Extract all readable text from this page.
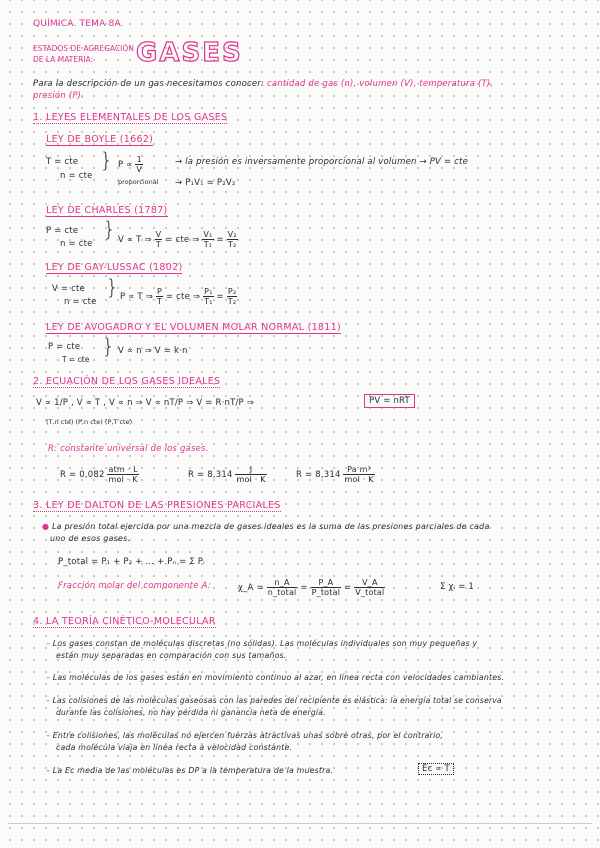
QUÍMICA. TEMA 8A.
ESTADOS DE AGREGACIÓN
DE LA MATERIA: GASES
Para la descripción de un gas necesitamos conocer: cantidad de gas (n), volumen (V), temperatura (T),
presión (P).
1. LEYES ELEMENTALES DE LOS GASES
LEY DE BOYLE (1662)
T = cte
n = cte
} $P \propto \frac{1}{V}$
proporcional
→ la presión es inversamente proporcional al volumen → PV = cte
→ P₁V₁ = P₂V₂
LEY DE CHARLES (1787)
P = cte
n = cte
} V ∝ T ⇒ $\frac{V}{T}$ = cte ⇒ $\frac{\text{V₁}}{\text{T₁}} = \frac{\text{V₂}}{\text{T₂}}$
LEY DE GAY-LUSSAC (1802)
V = cte
n = cte
} P ∝ T ⇒ $\frac{P}{T}$ = cte ⇒ $\frac{\text{P₁}}{\text{T₁}} = \frac{\text{P₂}}{\text{T₂}}$
LEY DE AVOGADRO Y EL VOLUMEN MOLAR NORMAL (1811)
P = cte
T = cte
} V ∝ n ⇒ V = k·n
2. ECUACIÓN DE LOS GASES IDEALES
V ∝ 1/P , V ∝ T , V ∝ n ⇒ V ∝ nT/P ⇒ V = R·nT/P ⇒
(T,n cte) (P,n cte) (P,T cte)
PV = nRT
R: constante universal de los gases.
$R = 0,082 \frac{\text{atm · L}}{\text{mol · K}}$	$R = 8,314 \frac{J}{\text{mol · K}}$	$R = 8,314 \frac{\text{Pa m³}}{\text{mol · K}}$
3. LEY DE DALTON DE LAS PRESIONES PARCIALES
● La presión total ejercida por una mezcla de gases ideales es la suma de las presiones parciales de cada
uno de esos gases.
P_total = P₁ + P₂ + ... + Pₙ = Σ Pᵢ
Fracción molar del componente A:	χ_A = $\frac{n\_A}{\text{n\_total}} = \frac{P\_A}{\text{P\_total}} = \frac{V\_A}{\text{V\_total}}$	Σ χᵢ = 1
4. LA TEORÍA CINÉTICO-MOLECULAR
– Los gases constan de moléculas discretas (no sólidas). Las moléculas individuales son muy pequeñas y
están muy separadas en comparación con sus tamaños.
– Las moléculas de los gases están en movimiento continuo al azar, en línea recta con velocidades cambiantes.
– Las colisiones de las moléculas gaseosas con las paredes del recipiente es elástica: la energía total se conserva
durante las colisiones, no hay pérdida ni ganancia neta de energía.
– Entre colisiones, las moléculas no ejercen fuerzas atractivas unas sobre otras, por el contrario,
cada molécula viaja en línea recta a velocidad constante.
– La Ec media de las moléculas es DP a la temperatura de la muestra.	Ēc ∝ T
